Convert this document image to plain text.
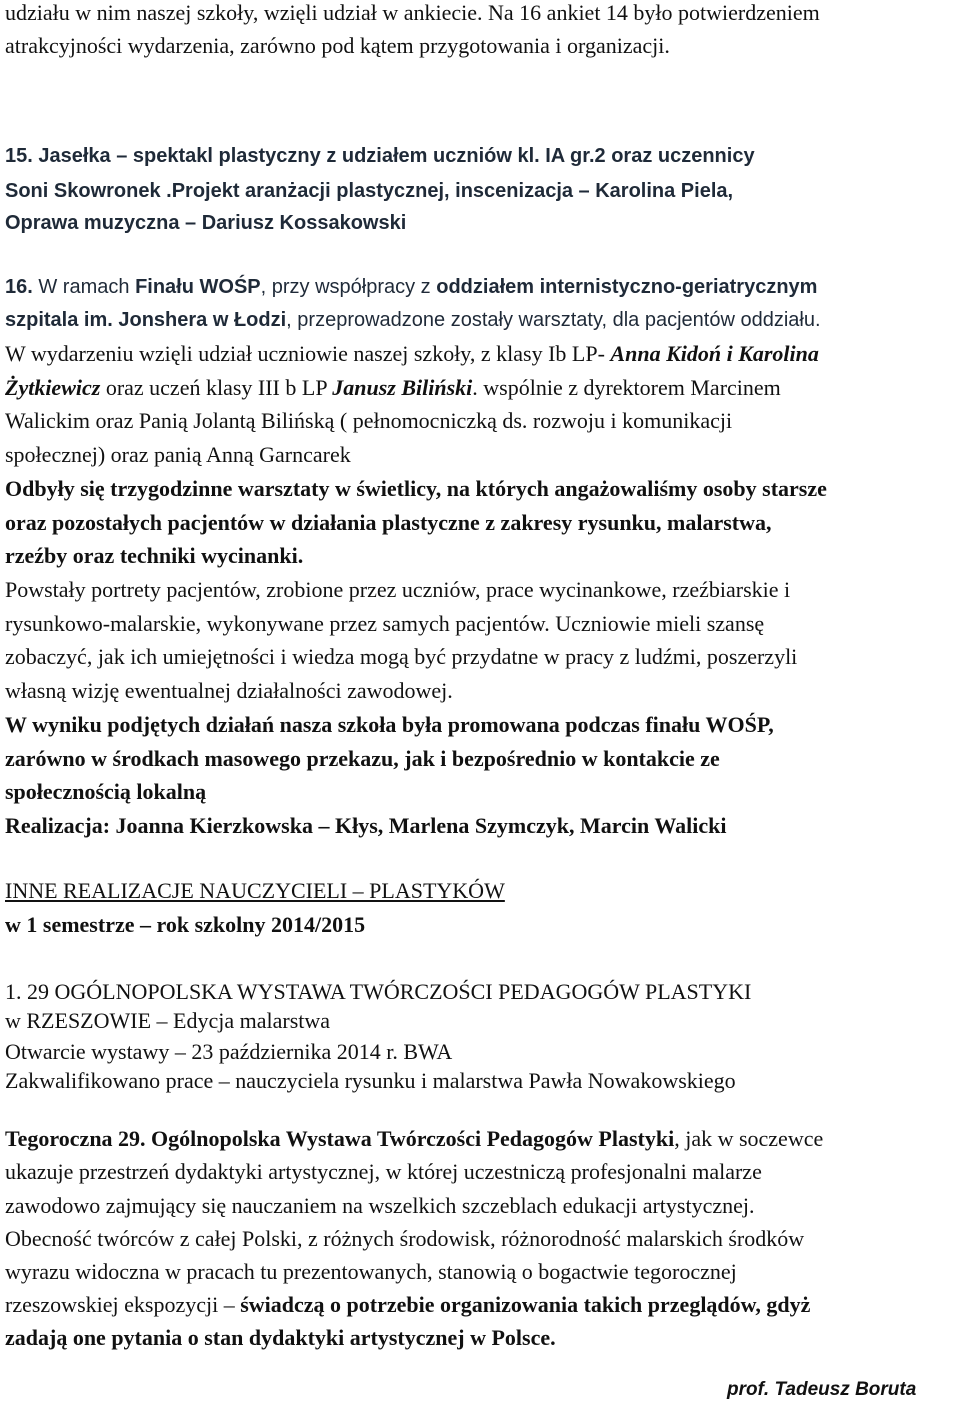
udziału w nim naszej szkoły, wzięli udział w ankiecie. Na 16 ankiet 14 było potwierdzeniem
atrakcyjności wydarzenia, zarówno pod kątem przygotowania i organizacji.
15. Jasełka – spektakl plastyczny z udziałem uczniów kl. IA gr.2 oraz uczennicy
Soni Skowronek .Projekt aranżacji plastycznej, inscenizacja – Karolina Piela,
Oprawa muzyczna – Dariusz Kossakowski
16. W ramach Finału WOŚP, przy współpracy z oddziałem internistyczno-geriatrycznym
szpitala im. Jonshera w Łodzi, przeprowadzone zostały warsztaty, dla pacjentów oddziału.
W wydarzeniu wzięli udział uczniowie naszej szkoły, z klasy Ib LP- Anna Kidoń i Karolina
Żytkiewicz oraz uczeń klasy III b LP Janusz Biliński. wspólnie z dyrektorem Marcinem
Walickim oraz Panią Jolantą Bilińską ( pełnomocniczką ds. rozwoju i komunikacji
społecznej) oraz panią Anną Garncarek
Odbyły się trzygodzinne warsztaty w świetlicy, na których angażowaliśmy osoby starsze
oraz pozostałych pacjentów w działania plastyczne z zakresy rysunku, malarstwa,
rzeźby oraz techniki wycinanki.
Powstały portrety pacjentów, zrobione przez uczniów, prace wycinankowe, rzeźbiarskie i
rysunkowo-malarskie, wykonywane przez samych pacjentów. Uczniowie mieli szansę
zobaczyć, jak ich umiejętności i wiedza mogą być przydatne w pracy z ludźmi, poszerzyli
własną wizję ewentualnej działalności zawodowej.
W wyniku podjętych działań nasza szkoła była promowana podczas finału WOŚP,
zarówno w środkach masowego przekazu, jak i bezpośrednio w kontakcie ze
społecznością lokalną
Realizacja: Joanna Kierzkowska – Kłys, Marlena Szymczyk, Marcin Walicki
INNE REALIZACJE NAUCZYCIELI – PLASTYKÓW
w 1 semestrze – rok szkolny 2014/2015
1. 29 OGÓLNOPOLSKA WYSTAWA TWÓRCZOŚCI PEDAGOGÓW PLASTYKI
w RZESZOWIE – Edycja malarstwa
Otwarcie wystawy – 23 października 2014 r. BWA
Zakwalifikowano prace – nauczyciela rysunku i malarstwa Pawła Nowakowskiego
Tegoroczna 29. Ogólnopolska Wystawa Twórczości Pedagogów Plastyki, jak w soczewce
ukazuje przestrzeń dydaktyki artystycznej, w której uczestniczą profesjonalni malarze
zawodowo zajmujący się nauczaniem na wszelkich szczeblach edukacji artystycznej.
Obecność twórców z całej Polski, z różnych środowisk, różnorodność malarskich środków
wyrazu widoczna w pracach tu prezentowanych, stanowią o bogactwie tegorocznej
rzeszowskiej ekspozycji – świadczą o potrzebie organizowania takich przeglądów, gdyż
zadają one pytania o stan dydaktyki artystycznej w Polsce.
prof. Tadeusz Boruta
